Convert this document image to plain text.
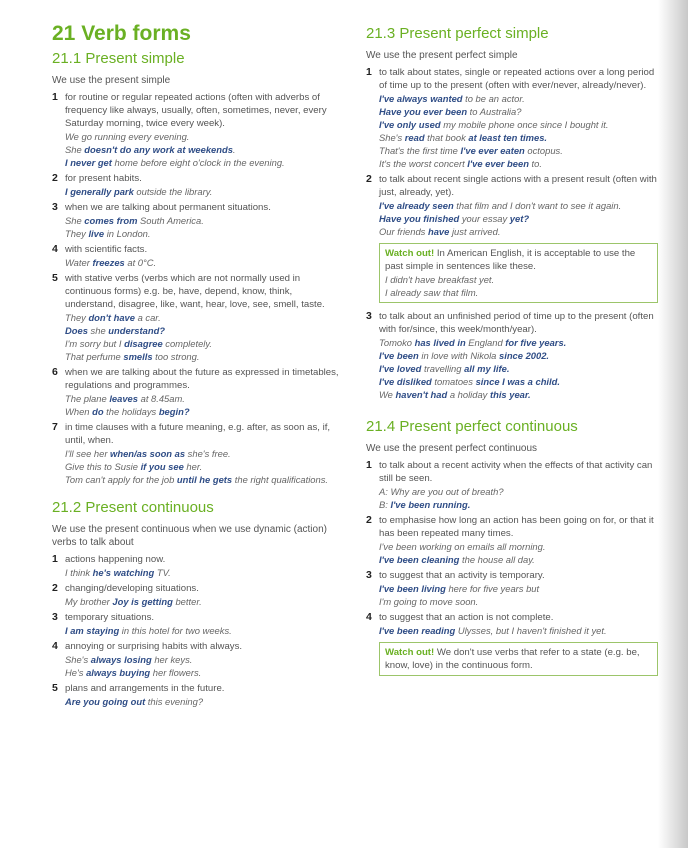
21 Verb forms
21.1 Present simple
We use the present simple
1 for routine or regular repeated actions (often with adverbs of frequency like always, usually, often, sometimes, never, every Saturday morning, twice every week).
We go running every evening.
She doesn't do any work at weekends.
I never get home before eight o'clock in the evening.
2 for present habits.
I generally park outside the library.
3 when we are talking about permanent situations.
She comes from South America.
They live in London.
4 with scientific facts.
Water freezes at 0°C.
5 with stative verbs (verbs which are not normally used in continuous forms) e.g. be, have, depend, know, think, understand, disagree, like, want, hear, love, see, smell, taste.
They don't have a car.
Does she understand?
I'm sorry but I disagree completely.
That perfume smells too strong.
6 when we are talking about the future as expressed in timetables, regulations and programmes.
The plane leaves at 8.45am.
When do the holidays begin?
7 in time clauses with a future meaning, e.g. after, as soon as, if, until, when.
I'll see her when/as soon as she's free.
Give this to Susie if you see her.
Tom can't apply for the job until he gets the right qualifications.
21.2 Present continuous
We use the present continuous when we use dynamic (action) verbs to talk about
1 actions happening now.
I think he's watching TV.
2 changing/developing situations.
My brother Joy is getting better.
3 temporary situations.
I am staying in this hotel for two weeks.
4 annoying or surprising habits with always.
She's always losing her keys.
He's always buying her flowers.
5 plans and arrangements in the future.
Are you going out this evening?
21.3 Present perfect simple
We use the present perfect simple
1 to talk about states, single or repeated actions over a long period of time up to the present (often with ever/never, already/never).
I've always wanted to be an actor.
Have you ever been to Australia?
I've only used my mobile phone once since I bought it.
She's read that book at least ten times.
That's the first time I've ever eaten octopus.
It's the worst concert I've ever been to.
2 to talk about recent single actions with a present result (often with just, already, yet).
I've already seen that film and I don't want to see it again.
Have you finished your essay yet?
Our friends have just arrived.
Watch out! In American English, it is acceptable to use the past simple in sentences like these.
I didn't have breakfast yet.
I already saw that film.
3 to talk about an unfinished period of time up to the present (often with for/since, this week/month/year).
Tomoko has lived in England for five years.
I've been in love with Nikola since 2002.
I've loved travelling all my life.
I've disliked tomatoes since I was a child.
We haven't had a holiday this year.
21.4 Present perfect continuous
We use the present perfect continuous
1 to talk about a recent activity when the effects of that activity can still be seen.
A: Why are you out of breath?
B: I've been running.
2 to emphasise how long an action has been going on for, or that it has been repeated many times.
I've been working on emails all morning.
I've been cleaning the house all day.
3 to suggest that an activity is temporary.
I've been living here for five years but
I'm going to move soon.
4 to suggest that an action is not complete.
I've been reading Ulysses, but I haven't finished it yet.
Watch out! We don't use verbs that refer to a state (e.g. be, know, love) in the continuous form.
